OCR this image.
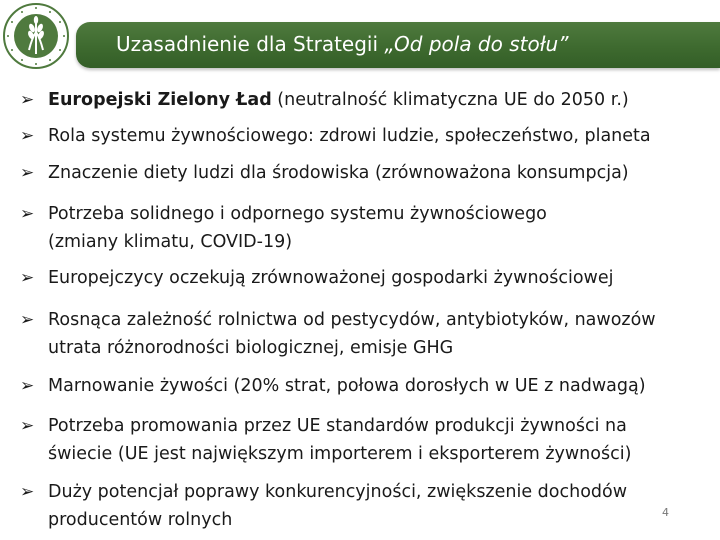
Uzasadnienie dla Strategii „Od pola do stołu”
➢ Europejski Zielony Ład (neutralność klimatyczna UE do 2050 r.)
➢ Rola systemu żywnościowego: zdrowi ludzie, społeczeństwo, planeta
➢ Znaczenie diety ludzi dla środowiska (zrównoważona konsumpcja)
➢ Potrzeba solidnego i odpornego systemu żywnościowego
(zmiany klimatu, COVID-19)
➢ Europejczycy oczekują zrównoważonej gospodarki żywnościowej
➢ Rosnąca zależność rolnictwa od pestycydów, antybiotyków, nawozów
utrata różnorodności biologicznej, emisje GHG
➢ Marnowanie żywości (20% strat, połowa dorosłych w UE z nadwagą)
➢ Potrzeba promowania przez UE standardów produkcji żywności na
świecie (UE jest największym importerem i eksporterem żywności)
➢ Duży potencjał poprawy konkurencyjności, zwiększenie dochodów
producentów rolnych	4
